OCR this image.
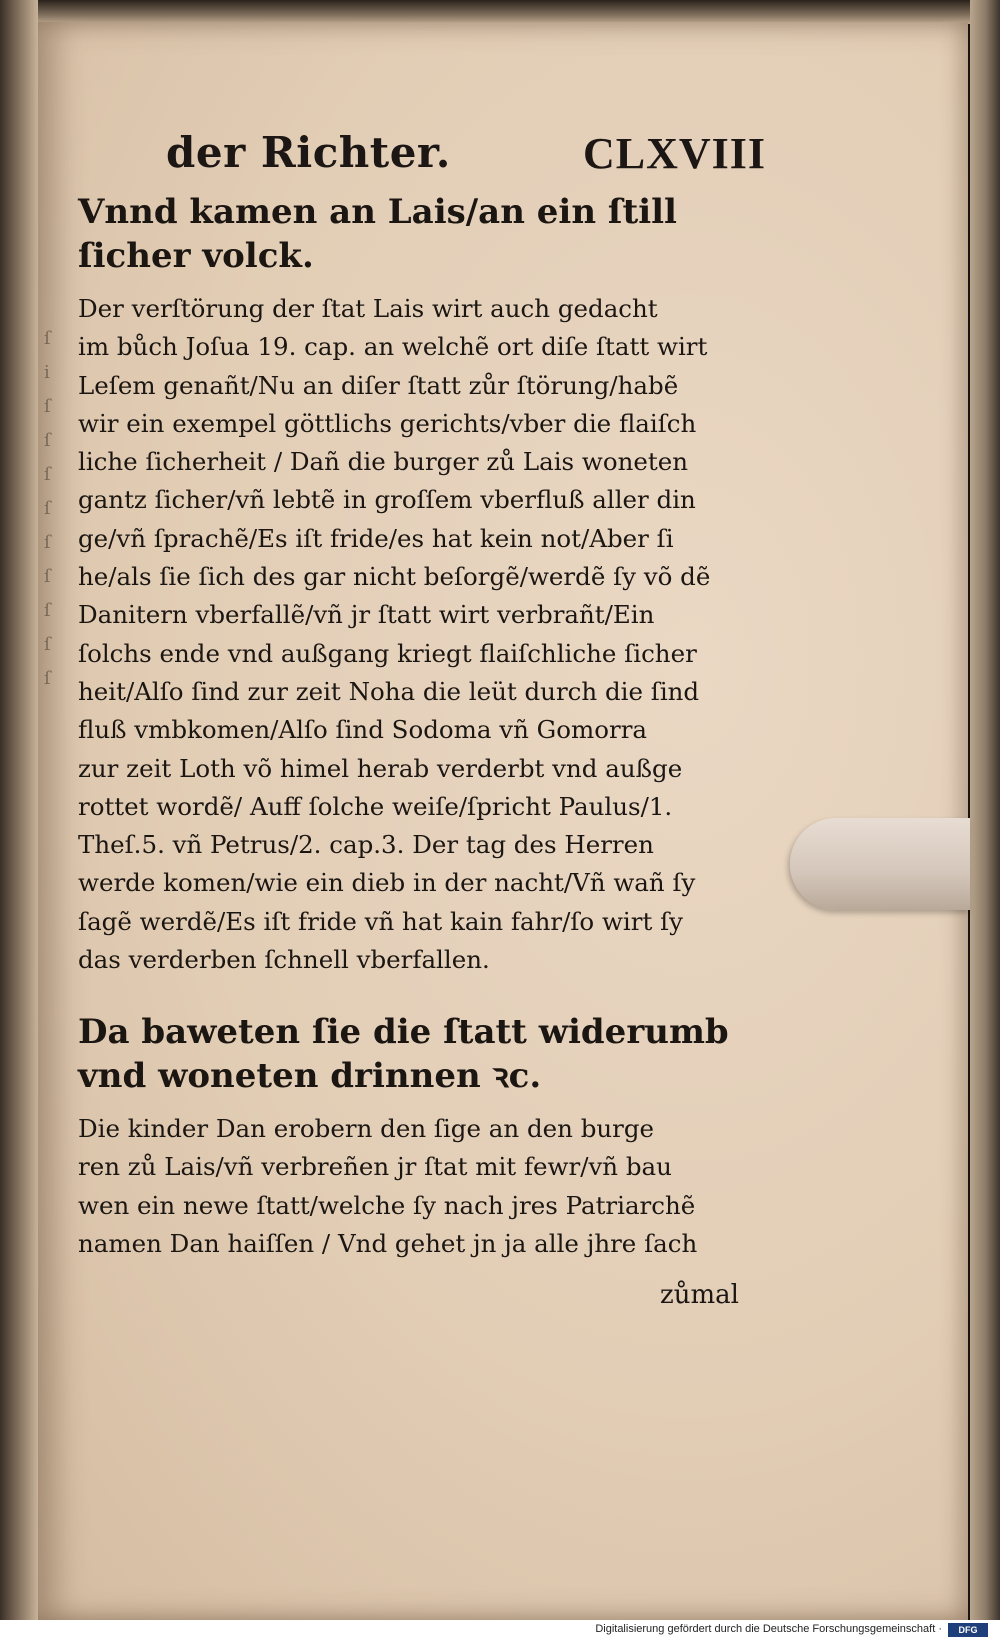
ſ
i
ſ
ſ
ſ
ſ
ſ
ſ
ſ
ſ
ſ
der Richter.	CLXVIII
Vnnd kamen an Lais/an ein ſtill
ſicher volck.
Der verſtörung der ſtat Lais wirt auch gedacht
im bůch Joſua 19. cap. an welchẽ ort diſe ſtatt wirt
Leſem genañt/Nu an diſer ſtatt zůr ſtörung/habẽ
wir ein exempel göttlichs gerichts/vber die flaiſch
liche ſicherheit / Dañ die burger zů Lais woneten
gantz ſicher/vñ lebtẽ in groſſem vberfluß aller din
ge/vñ ſprachẽ/Es iſt fride/es hat kein not/Aber ſi
he/als ſie ſich des gar nicht beſorgẽ/werdẽ ſy võ dẽ
Danitern vberfallẽ/vñ jr ſtatt wirt verbrañt/Ein
ſolchs ende vnd außgang kriegt flaiſchliche ſicher
heit/Alſo ſind zur zeit Noha die leüt durch die ſind
fluß vmbkomen/Alſo ſind Sodoma vñ Gomorra
zur zeit Loth võ himel herab verderbt vnd außge
rottet wordẽ/ Auff ſolche weiſe/ſpricht Paulus/1.
Theſ.5. vñ Petrus/2. cap.3. Der tag des Herren
werde komen/wie ein dieb in der nacht/Vñ wañ ſy
ſagẽ werdẽ/Es iſt fride vñ hat kain fahr/ſo wirt ſy
das verderben ſchnell vberfallen.
Da baweten ſie die ſtatt widerumb
vnd woneten drinnen ꝛc.
Die kinder Dan erobern den ſige an den burge
ren zů Lais/vñ verbreñen jr ſtat mit fewr/vñ bau
wen ein newe ſtatt/welche ſy nach jres Patriarchẽ
namen Dan haiſſen / Vnd gehet jn ja alle jhre ſach
zůmal
Digitalisierung gefördert durch die Deutsche Forschungsgemeinschaft ·	DFG
